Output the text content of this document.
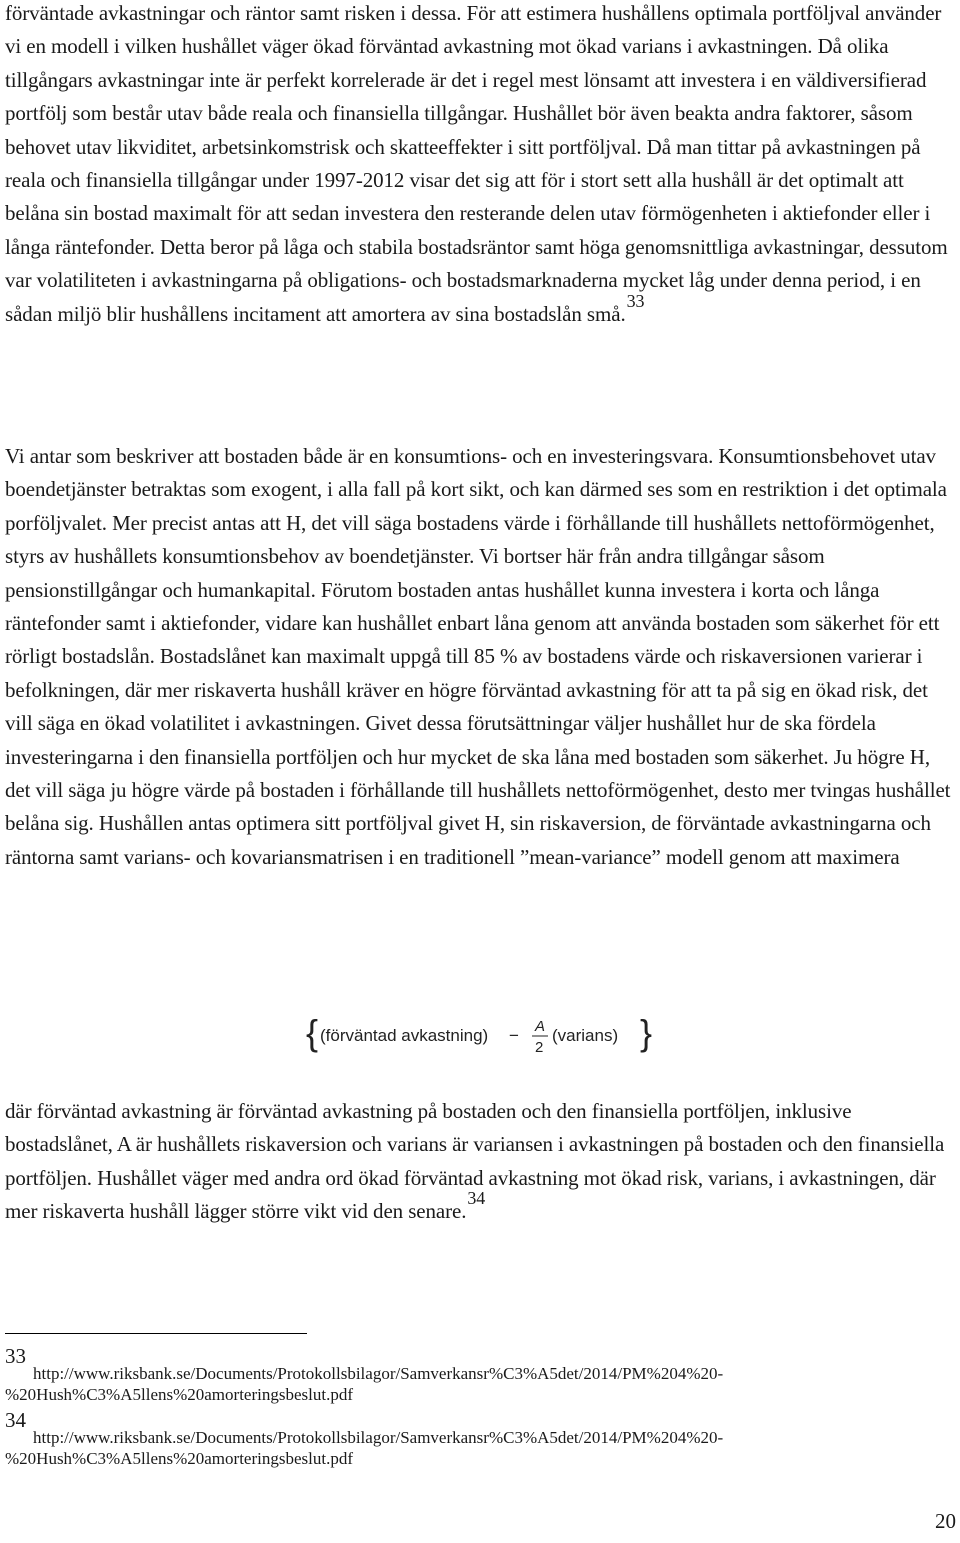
förväntade avkastningar och räntor samt risken i dessa. För att estimera hushållens optimala portföljval använder vi en modell i vilken hushållet väger ökad förväntad avkastning mot ökad varians i avkastningen. Då olika tillgångars avkastningar inte är perfekt korrelerade är det i regel mest lönsamt att investera i en väldiversifierad portfölj som består utav både reala och finansiella tillgångar. Hushållet bör även beakta andra faktorer, såsom behovet utav likviditet, arbetsinkomstrisk och skatteeffekter i sitt portföljval. Då man tittar på avkastningen på reala och finansiella tillgångar under 1997-2012 visar det sig att för i stort sett alla hushåll är det optimalt att belåna sin bostad maximalt för att sedan investera den resterande delen utav förmögenheten i aktiefonder eller i långa räntefonder. Detta beror på låga och stabila bostadsräntor samt höga genomsnittliga avkastningar, dessutom var volatiliteten i avkastningarna på obligations- och bostadsmarknaderna mycket låg under denna period, i en sådan miljö blir hushållens incitament att amortera av sina bostadslån små.33

Vi antar som beskriver att bostaden både är en konsumtions- och en investeringsvara. Konsumtionsbehovet utav boendetjänster betraktas som exogent, i alla fall på kort sikt, och kan därmed ses som en restriktion i det optimala porföljvalet. Mer precist antas att H, det vill säga bostadens värde i förhållande till hushållets nettoförmögenhet, styrs av hushållets konsumtionsbehov av boendetjänster. Vi bortser här från andra tillgångar såsom pensionstillgångar och humankapital. Förutom bostaden antas hushållet kunna investera i korta och långa räntefonder samt i aktiefonder, vidare kan hushållet enbart låna genom att använda bostaden som säkerhet för ett rörligt bostadslån. Bostadslånet kan maximalt uppgå till 85 % av bostadens värde och riskaversionen varierar i befolkningen, där mer riskaverta hushåll kräver en högre förväntad avkastning för att ta på sig en ökad risk, det vill säga en ökad volatilitet i avkastningen. Givet dessa förutsättningar väljer hushållet hur de ska fördela investeringarna i den finansiella portföljen och hur mycket de ska låna med bostaden som säkerhet. Ju högre H, det vill säga ju högre värde på bostaden i förhållande till hushållets nettoförmögenhet, desto mer tvingas hushållet belåna sig. Hushållen antas optimera sitt portföljval givet H, sin riskaversion, de förväntade avkastningarna och räntorna samt varians- och kovariansmatrisen i en traditionell ”mean-variance” modell genom att maximera

{ (förväntad avkastning) − A
2
(varians) }

där förväntad avkastning är förväntad avkastning på bostaden och den finansiella portföljen, inklusive bostadslånet, A är hushållets riskaversion och varians är variansen i avkastningen på bostaden och den finansiella portföljen. Hushållet väger med andra ord ökad förväntad avkastning mot ökad risk, varians, i avkastningen, där mer riskaverta hushåll lägger större vikt vid den senare.34

33
http://www.riksbank.se/Documents/Protokollsbilagor/Samverkansr%C3%A5det/2014/PM%204%20-
%20Hush%C3%A5llens%20amorteringsbeslut.pdf
34
http://www.riksbank.se/Documents/Protokollsbilagor/Samverkansr%C3%A5det/2014/PM%204%20-
%20Hush%C3%A5llens%20amorteringsbeslut.pdf
20
